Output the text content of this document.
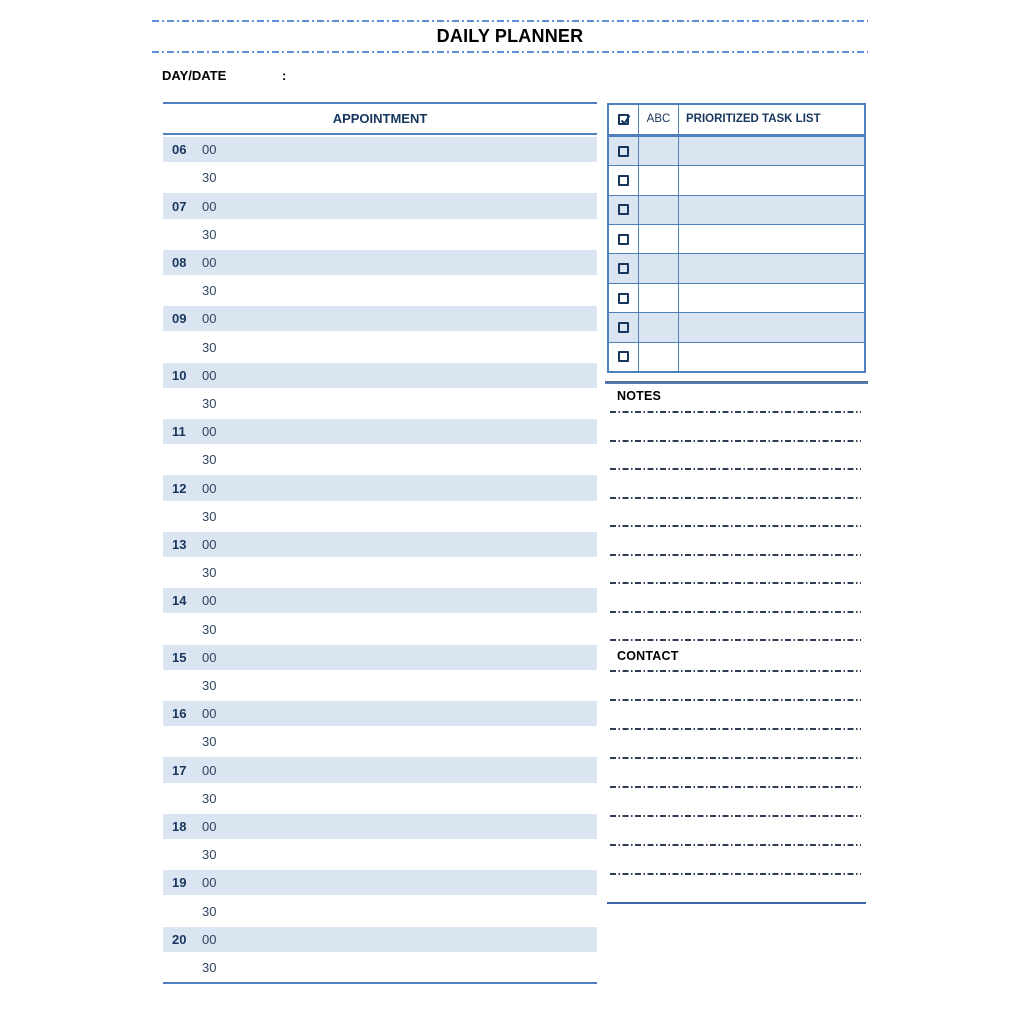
DAILY PLANNER
DAY/DATE	:
APPOINTMENT
06	00
30
07	00
30
08	00
30
09	00
30
10	00
30
11	00
30
12	00
30
13	00
30
14	00
30
15	00
30
16	00
30
17	00
30
18	00
30
19	00
30
20	00
30
ABC	PRIORITIZED TASK LIST
NOTES
CONTACT
